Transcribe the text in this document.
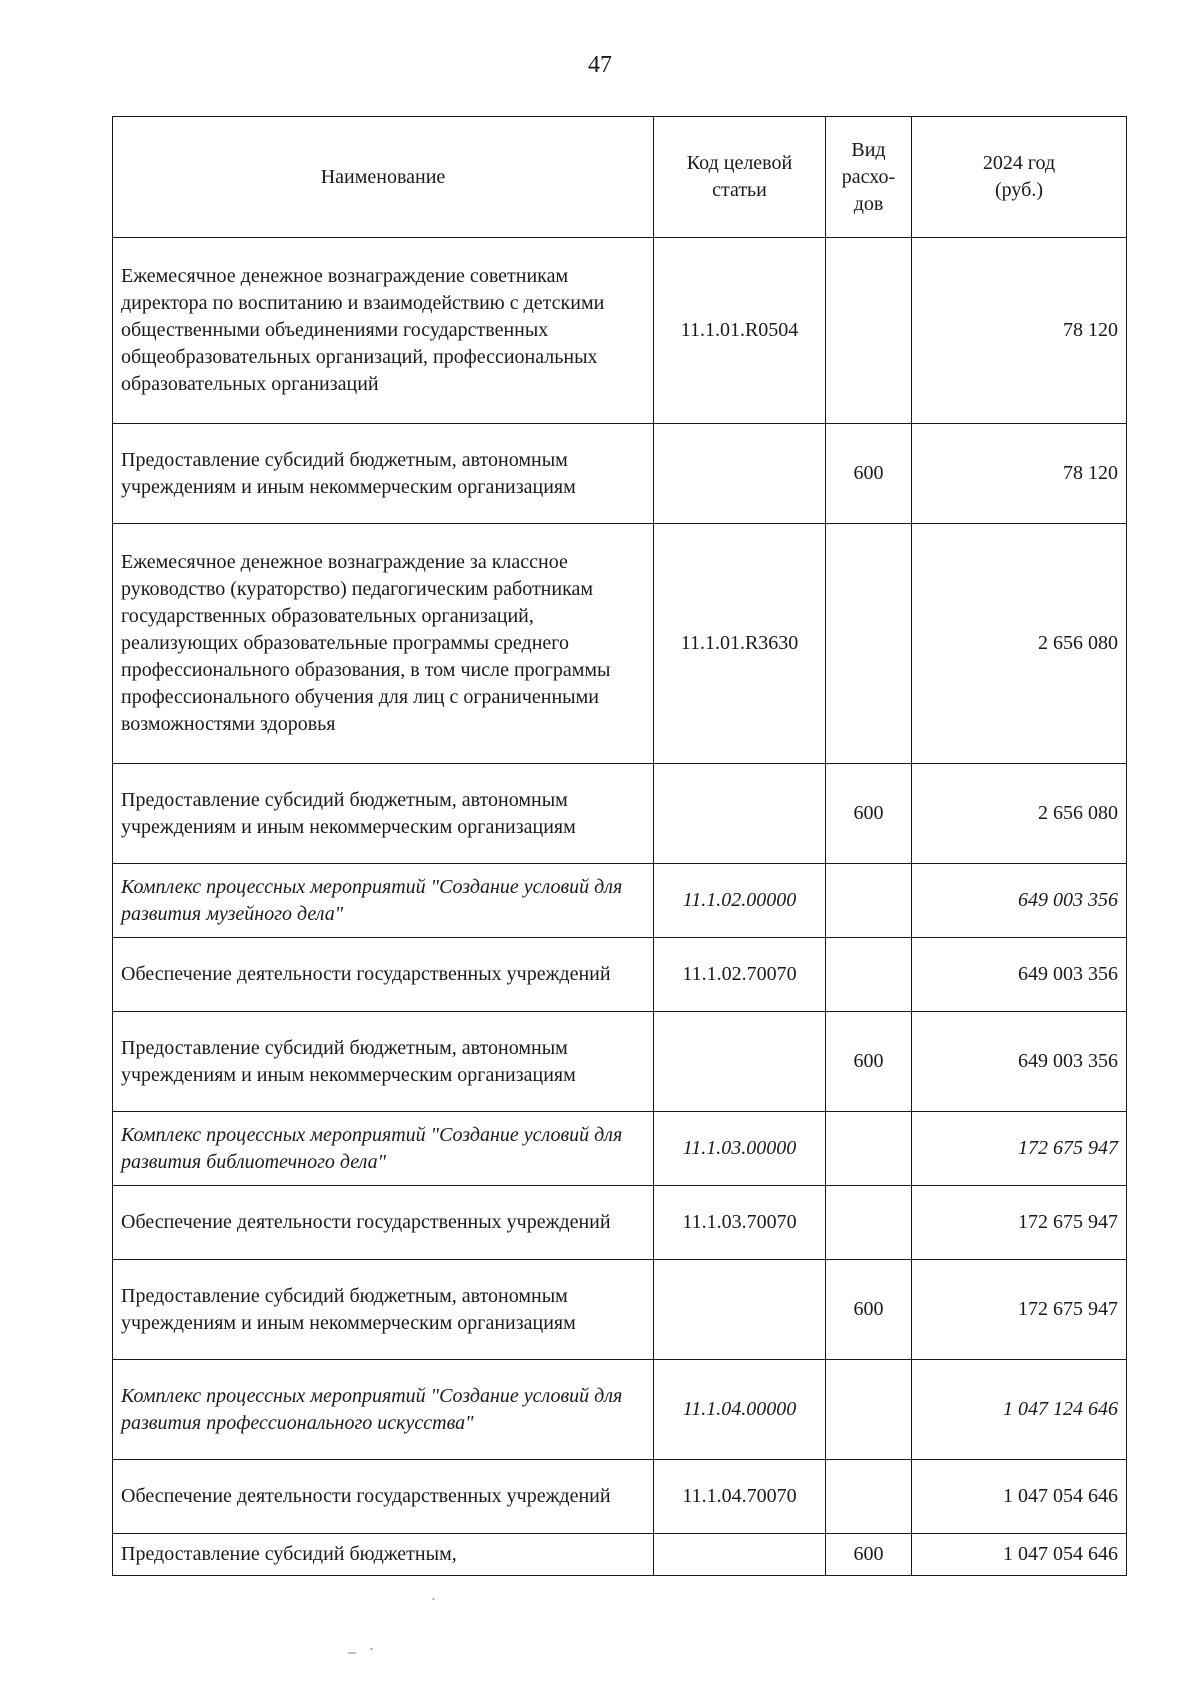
47
Наименование	Код целевой статьи	Вид расхо-дов	2024 год (руб.)
Ежемесячное денежное вознаграждение советникам директора по воспитанию и взаимодействию с детскими общественными объединениями государственных общеобразовательных организаций, профессиональных образовательных организаций	11.1.01.R0504		78 120
Предоставление субсидий бюджетным, автономным учреждениям и иным некоммерческим организациям		600	78 120
Ежемесячное денежное вознаграждение за классное руководство (кураторство) педагогическим работникам государственных образовательных организаций, реализующих образовательные программы среднего профессионального образования, в том числе программы профессионального обучения для лиц с ограниченными возможностями здоровья	11.1.01.R3630		2 656 080
Предоставление субсидий бюджетным, автономным учреждениям и иным некоммерческим организациям		600	2 656 080
Комплекс процессных мероприятий "Создание условий для развития музейного дела"	11.1.02.00000		649 003 356
Обеспечение деятельности государственных учреждений	11.1.02.70070		649 003 356
Предоставление субсидий бюджетным, автономным учреждениям и иным некоммерческим организациям		600	649 003 356
Комплекс процессных мероприятий "Создание условий для развития библиотечного дела"	11.1.03.00000		172 675 947
Обеспечение деятельности государственных учреждений	11.1.03.70070		172 675 947
Предоставление субсидий бюджетным, автономным учреждениям и иным некоммерческим организациям		600	172 675 947
Комплекс процессных мероприятий "Создание условий для развития профессионального искусства"	11.1.04.00000		1 047 124 646
Обеспечение деятельности государственных учреждений	11.1.04.70070		1 047 054 646
Предоставление субсидий бюджетным,		600	1 047 054 646
